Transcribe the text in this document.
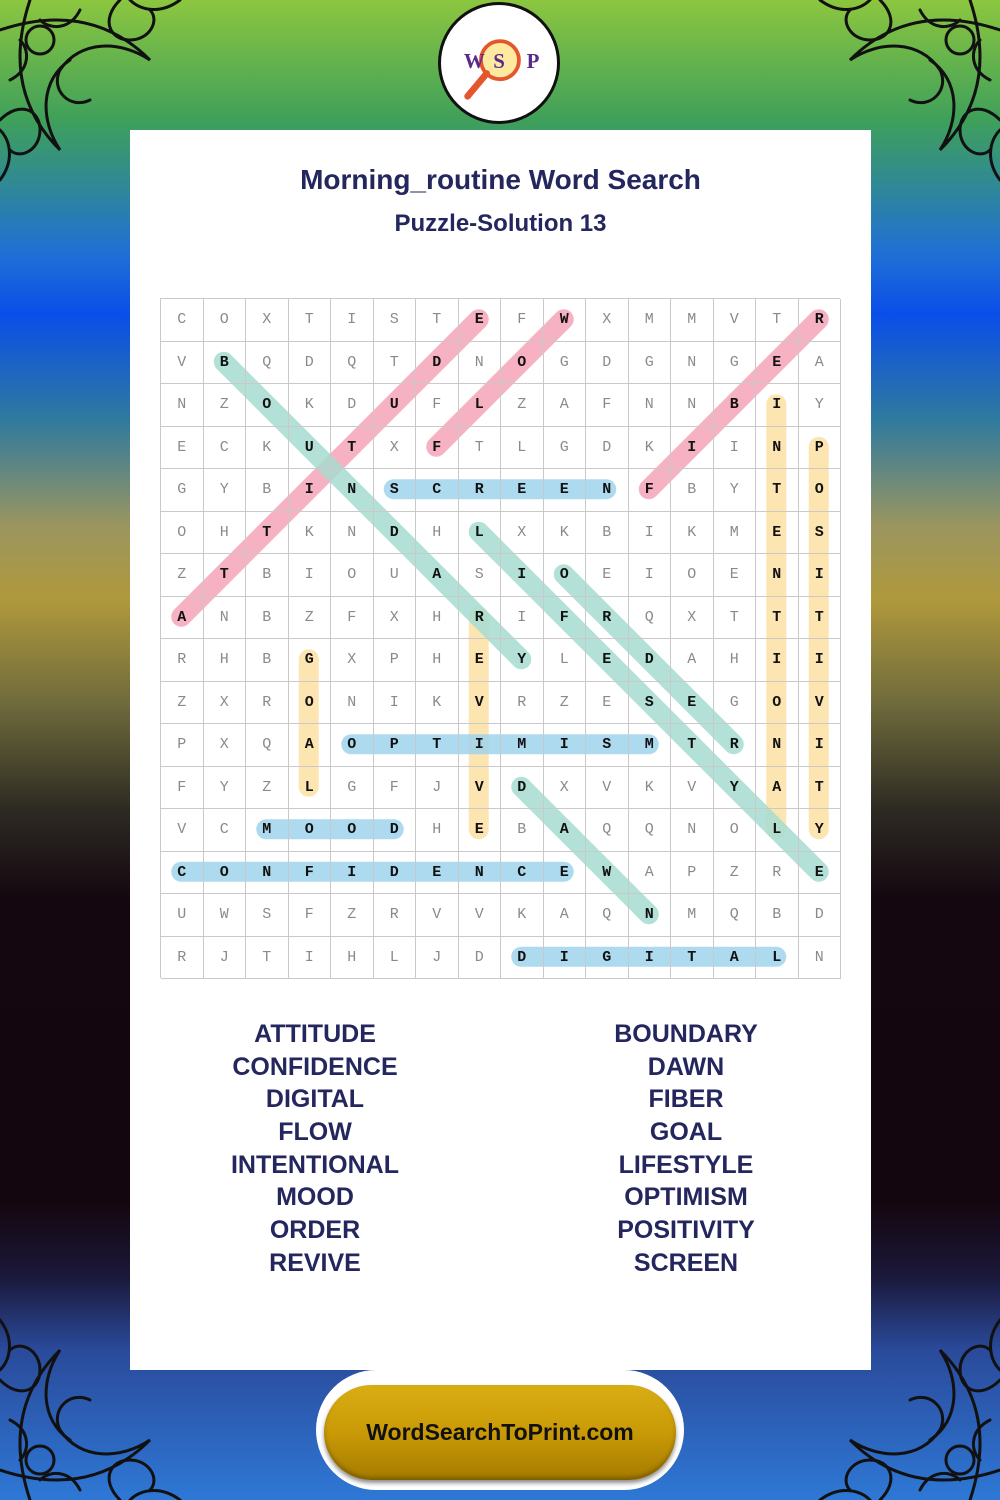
W S P
Morning_routine Word Search
Puzzle-Solution 13
C	O	X	T	I	S	T	E	F	W	X	M	M	V	T	R
V	B	Q	D	Q	T	D	N	O	G	D	G	N	G	E	A
N	Z	O	K	D	U	F	L	Z	A	F	N	N	B	I	Y
E	C	K	U	T	X	F	T	L	G	D	K	I	I	N	P
G	Y	B	I	N	S	C	R	E	E	N	F	B	Y	T	O
O	H	T	K	N	D	H	L	X	K	B	I	K	M	E	S
Z	T	B	I	O	U	A	S	I	O	E	I	O	E	N	I
A	N	B	Z	F	X	H	R	I	F	R	Q	X	T	T	T
R	H	B	G	X	P	H	E	Y	L	E	D	A	H	I	I
Z	X	R	O	N	I	K	V	R	Z	E	S	E	G	O	V
P	X	Q	A	O	P	T	I	M	I	S	M	T	R	N	I
F	Y	Z	L	G	F	J	V	D	X	V	K	V	Y	A	T
V	C	M	O	O	D	H	E	B	A	Q	Q	N	O	L	Y
C	O	N	F	I	D	E	N	C	E	W	A	P	Z	R	E
U	W	S	F	Z	R	V	V	K	A	Q	N	M	Q	B	D
R	J	T	I	H	L	J	D	D	I	G	I	T	A	L	N
ATTITUDE
CONFIDENCE
DIGITAL
FLOW
INTENTIONAL
MOOD
ORDER
REVIVE
BOUNDARY
DAWN
FIBER
GOAL
LIFESTYLE
OPTIMISM
POSITIVITY
SCREEN
WordSearchToPrint.com
